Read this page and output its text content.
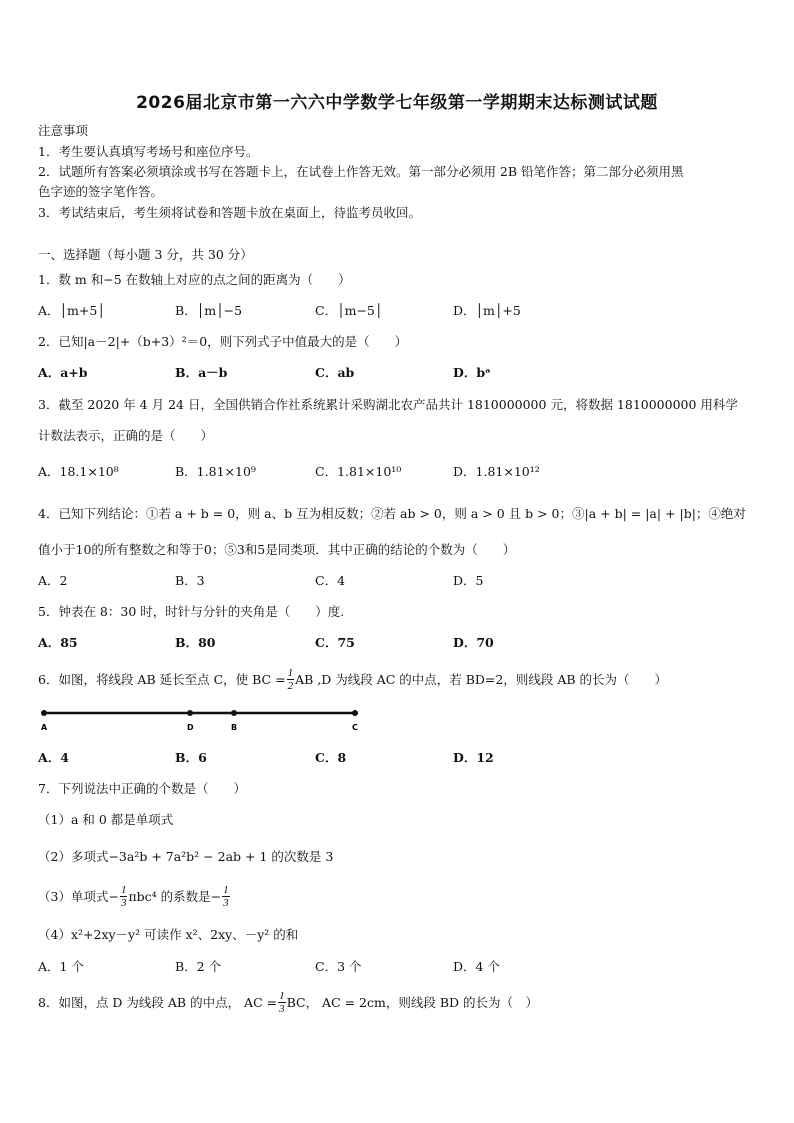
2026届北京市第一六六中学数学七年级第一学期期末达标测试试题
注意事项
1．考生要认真填写考场号和座位序号。
2．试题所有答案必须填涂或书写在答题卡上，在试卷上作答无效。第一部分必须用 2B 铅笔作答；第二部分必须用黑
色字迹的签字笔作答。
3．考试结束后，考生须将试卷和答题卡放在桌面上，待监考员收回。
一、选择题（每小题 3 分，共 30 分）
1．数 m 和−5 在数轴上对应的点之间的距离为（　　）
A．│m+5│	B．│m│−5	C．│m−5│	D．│m│+5
2．已知|a－2|+（b+3）²＝0，则下列式子中值最大的是（　　）
A．a+b	B．a－b	C．ab	D．bᵃ
3．截至 2020 年 4 月 24 日，全国供销合作社系统累计采购湖北农产品共计 1810000000 元，将数据 1810000000 用科学
计数法表示，正确的是（　　）
A．18.1×10⁸	B．1.81×10⁹	C．1.81×10¹⁰	D．1.81×10¹²
4．已知下列结论：①若 a + b = 0，则 a、b 互为相反数；②若 ab > 0，则 a > 0 且 b > 0；③|a + b| = |a| + |b|；④绝对
值小于10的所有整数之和等于0；⑤3和5是同类项．其中正确的结论的个数为（　　）
A．2	B．3	C．4	D．5
5．钟表在 8：30 时，时针与分针的夹角是（　　）度.
A．85	B．80	C．75	D．70
6．如图，将线段 AB 延长至点 C，使 BC = $\frac{1}{2}$ AB ,D 为线段 AC 的中点，若 BD=2，则线段 AB 的长为（　　）
A	D	B	C
A．4	B．6	C．8	D．12
7．下列说法中正确的个数是（　　）
（1）a 和 0 都是单项式
（2）多项式−3a²b + 7a²b² − 2ab + 1 的次数是 3
（3）单项式− $\frac{1}{3} \pi bc^4$ 的系数是− $\frac{1}{3}$
（4）x²+2xy－y² 可读作 x²、2xy、－y² 的和
A．1 个	B．2 个	C．3 个	D．4 个
8．如图，点 D 为线段 AB 的中点， AC = $\frac{1}{3}$ BC， AC = 2cm，则线段 BD 的长为（　）
